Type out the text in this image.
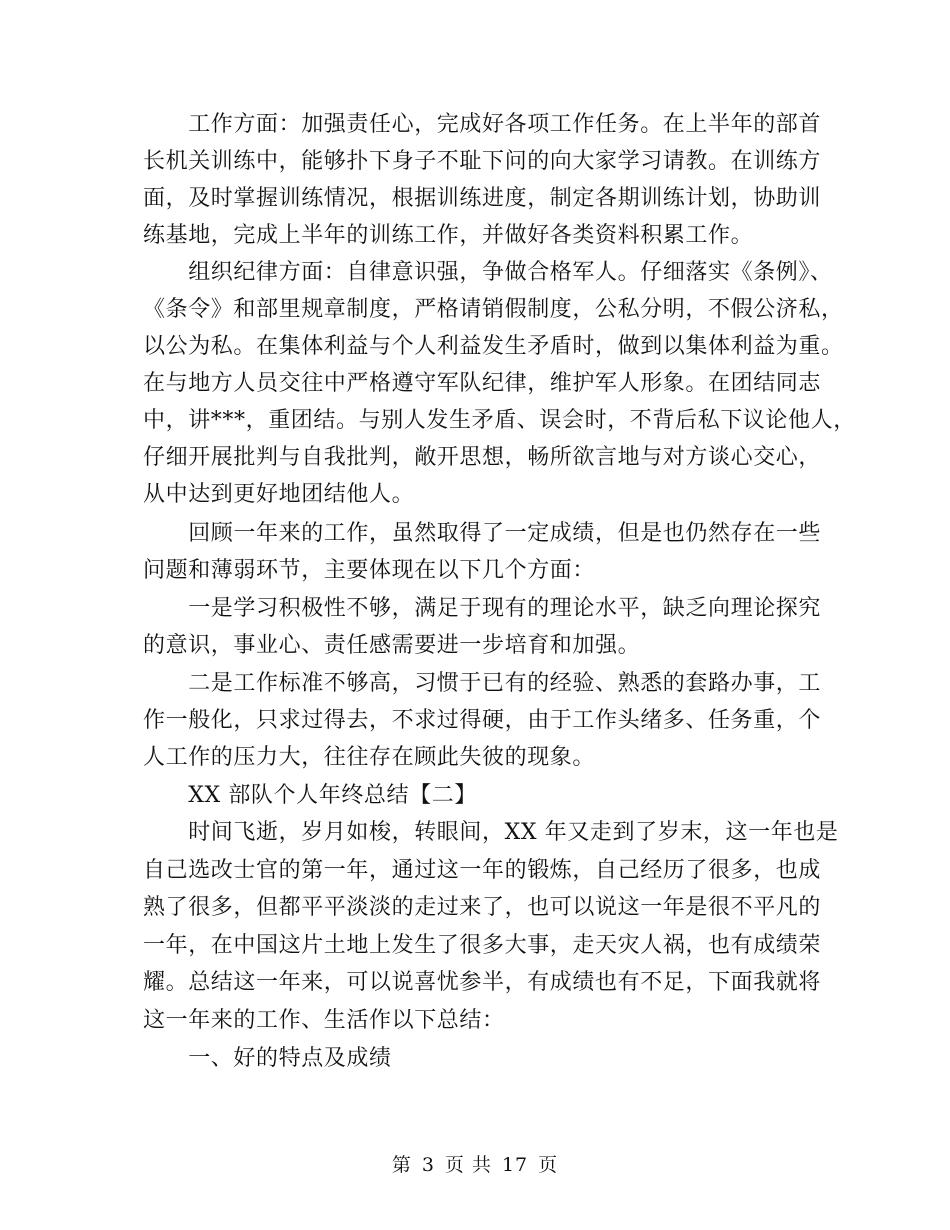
　　工作方面：加强责任心，完成好各项工作任务。在上半年的部首
长机关训练中，能够扑下身子不耻下问的向大家学习请教。在训练方
面，及时掌握训练情况，根据训练进度，制定各期训练计划，协助训
练基地，完成上半年的训练工作，并做好各类资料积累工作。
　　组织纪律方面：自律意识强，争做合格军人。仔细落实《条例》、
《条令》和部里规章制度，严格请销假制度，公私分明，不假公济私，
以公为私。在集体利益与个人利益发生矛盾时，做到以集体利益为重。
在与地方人员交往中严格遵守军队纪律，维护军人形象。在团结同志
中，讲***，重团结。与别人发生矛盾、误会时，不背后私下议论他人，
仔细开展批判与自我批判，敞开思想，畅所欲言地与对方谈心交心，
从中达到更好地团结他人。
　　回顾一年来的工作，虽然取得了一定成绩，但是也仍然存在一些
问题和薄弱环节，主要体现在以下几个方面：
　　一是学习积极性不够，满足于现有的理论水平，缺乏向理论探究
的意识，事业心、责任感需要进一步培育和加强。
　　二是工作标准不够高，习惯于已有的经验、熟悉的套路办事，工
作一般化，只求过得去，不求过得硬，由于工作头绪多、任务重，个
人工作的压力大，往往存在顾此失彼的现象。
　　XX 部队个人年终总结【二】
　　时间飞逝，岁月如梭，转眼间，XX 年又走到了岁末，这一年也是
自己选改士官的第一年，通过这一年的锻炼，自己经历了很多，也成
熟了很多，但都平平淡淡的走过来了，也可以说这一年是很不平凡的
一年，在中国这片土地上发生了很多大事，走天灾人祸，也有成绩荣
耀。总结这一年来，可以说喜忧参半，有成绩也有不足，下面我就将
这一年来的工作、生活作以下总结：
　　一、好的特点及成绩
第 3 页 共 17 页
